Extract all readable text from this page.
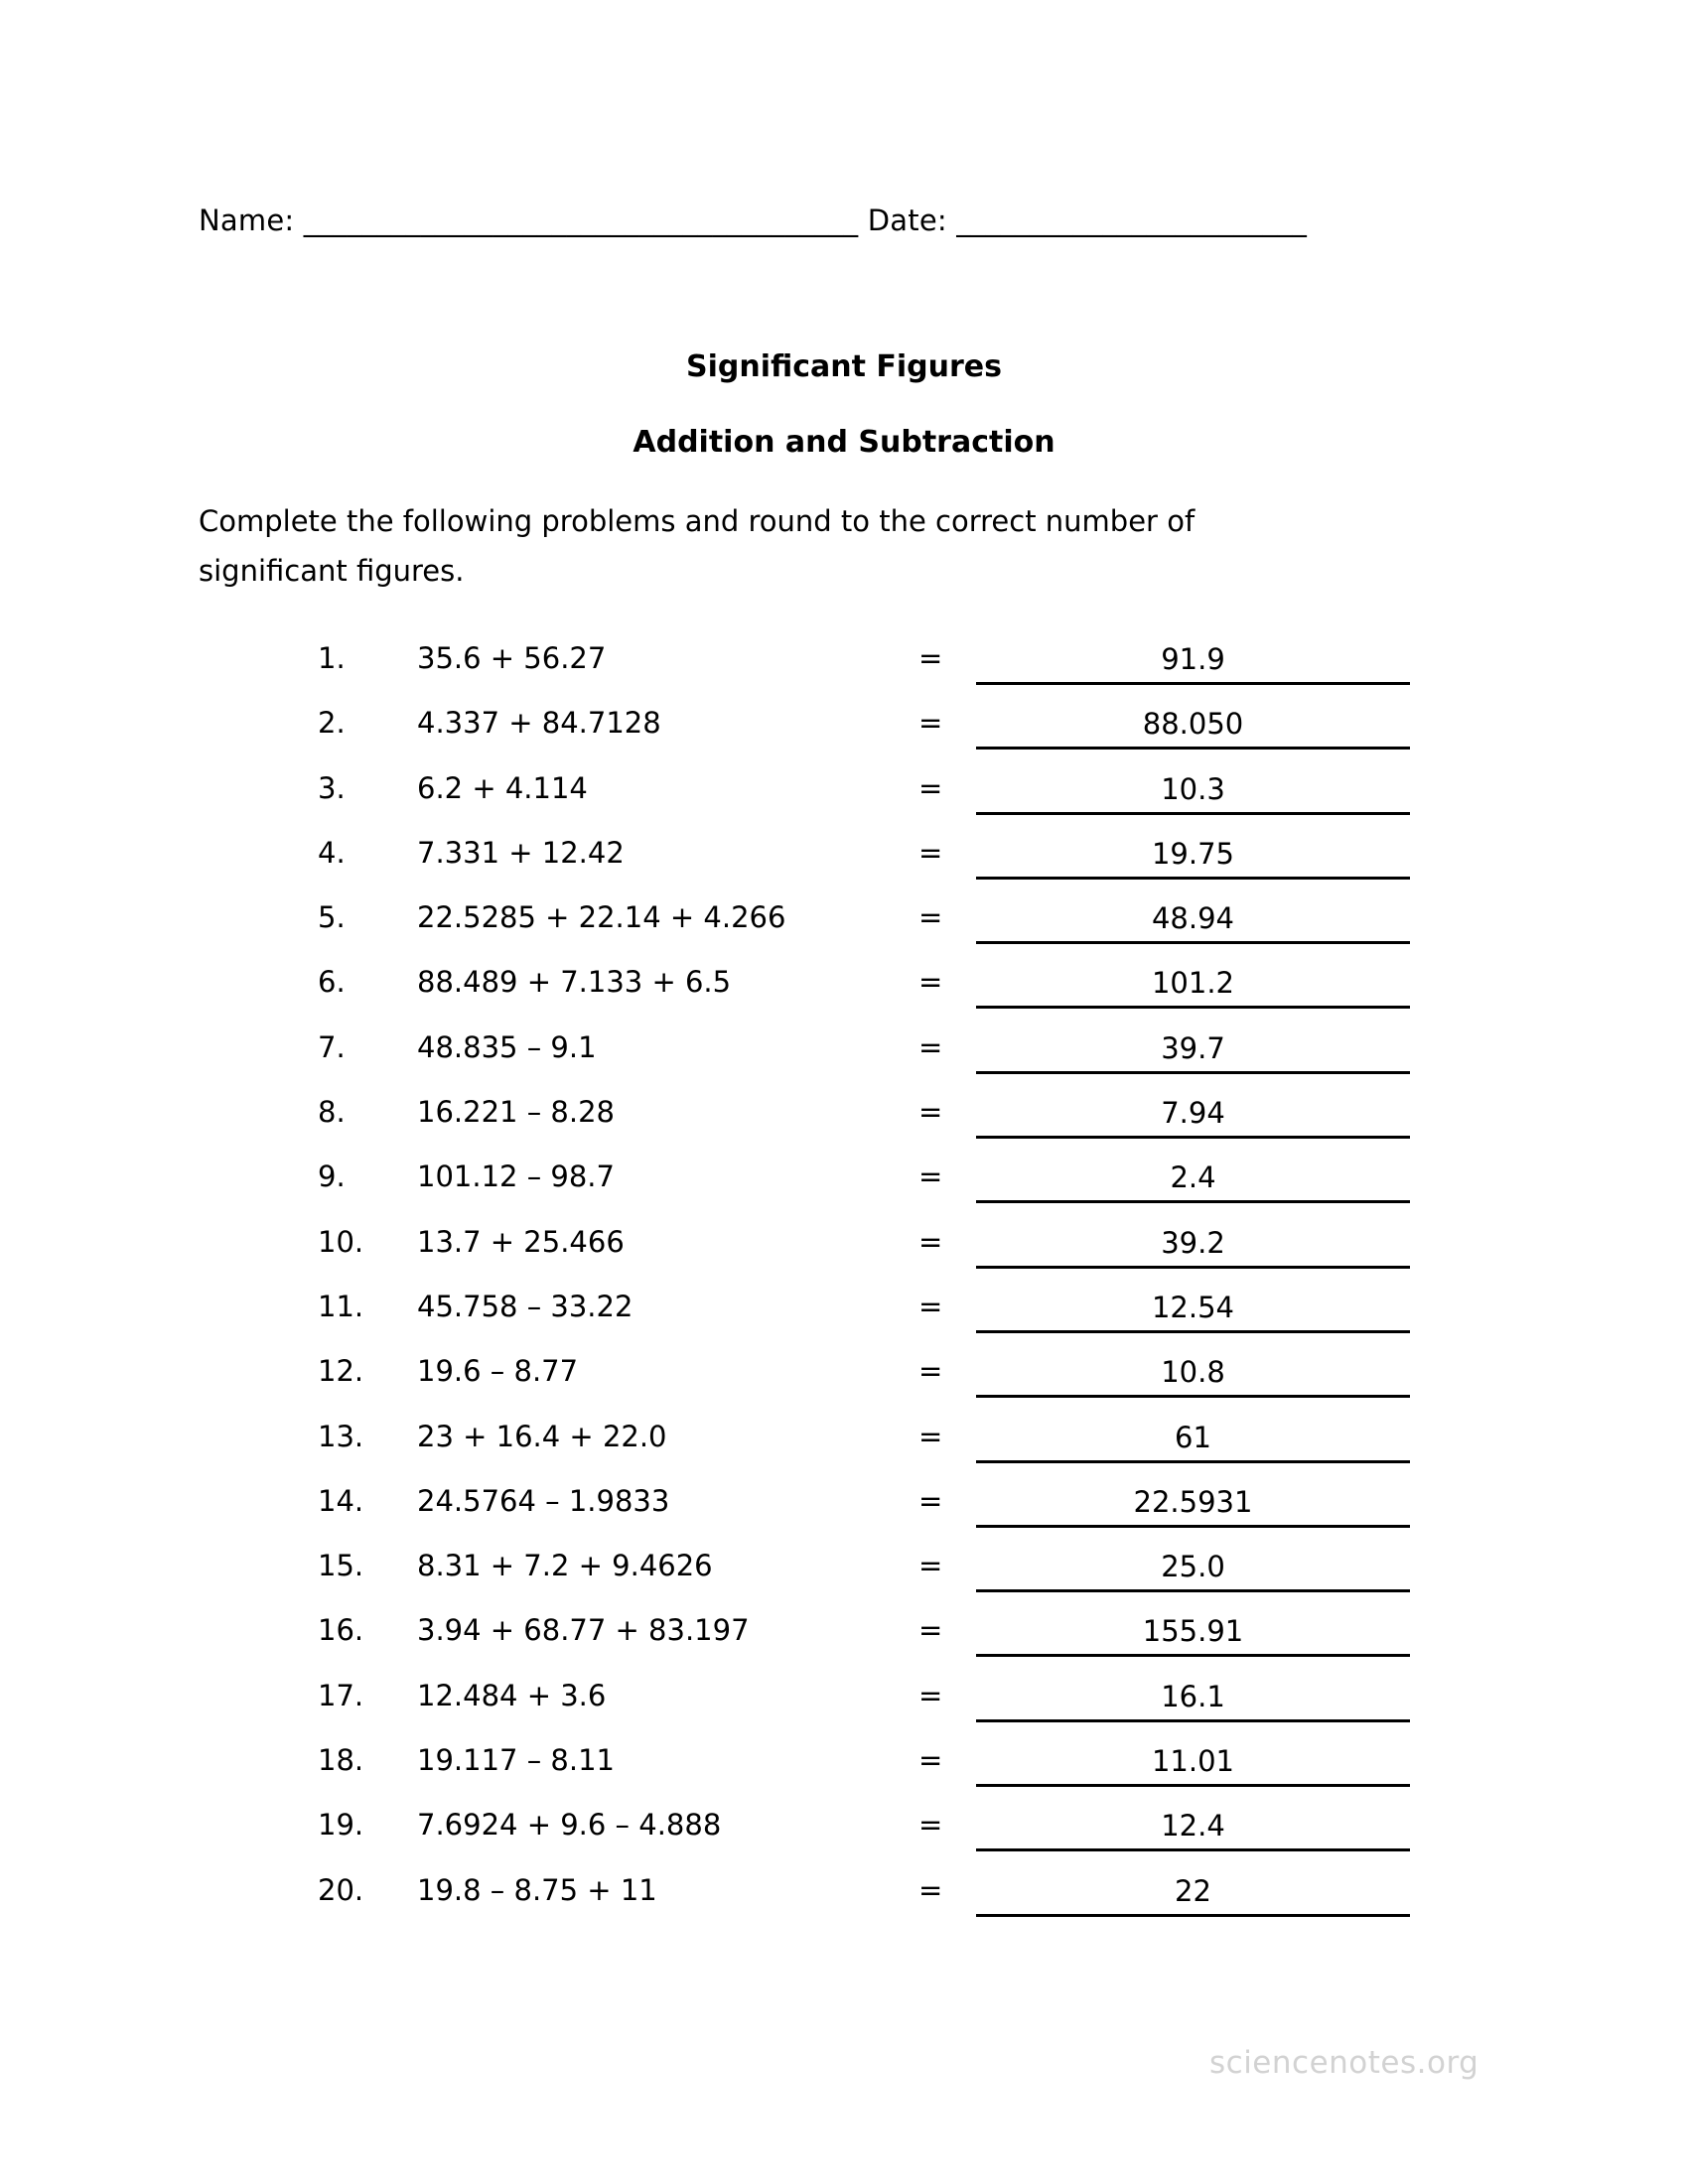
Name: ______________________________________ Date: ________________________
Significant Figures
Addition and Subtraction

Complete the following problems and round to the correct number of
significant figures.

1.	35.6 + 56.27	=	91.9
2.	4.337 + 84.7128	=	88.050
3.	6.2 + 4.114	=	10.3
4.	7.331 + 12.42	=	19.75
5.	22.5285 + 22.14 + 4.266	=	48.94
6.	88.489 + 7.133 + 6.5	=	101.2
7.	48.835 – 9.1	=	39.7
8.	16.221 – 8.28	=	7.94
9.	101.12 – 98.7	=	2.4
10.	13.7 + 25.466	=	39.2
11.	45.758 – 33.22	=	12.54
12.	19.6 – 8.77	=	10.8
13.	23 + 16.4 + 22.0	=	61
14.	24.5764 – 1.9833	=	22.5931
15.	8.31 + 7.2 + 9.4626	=	25.0
16.	3.94 + 68.77 + 83.197	=	155.91
17.	12.484 + 3.6	=	16.1
18.	19.117 – 8.11	=	11.01
19.	7.6924 + 9.6 – 4.888	=	12.4
20.	19.8 – 8.75 + 11	=	22
sciencenotes.org
